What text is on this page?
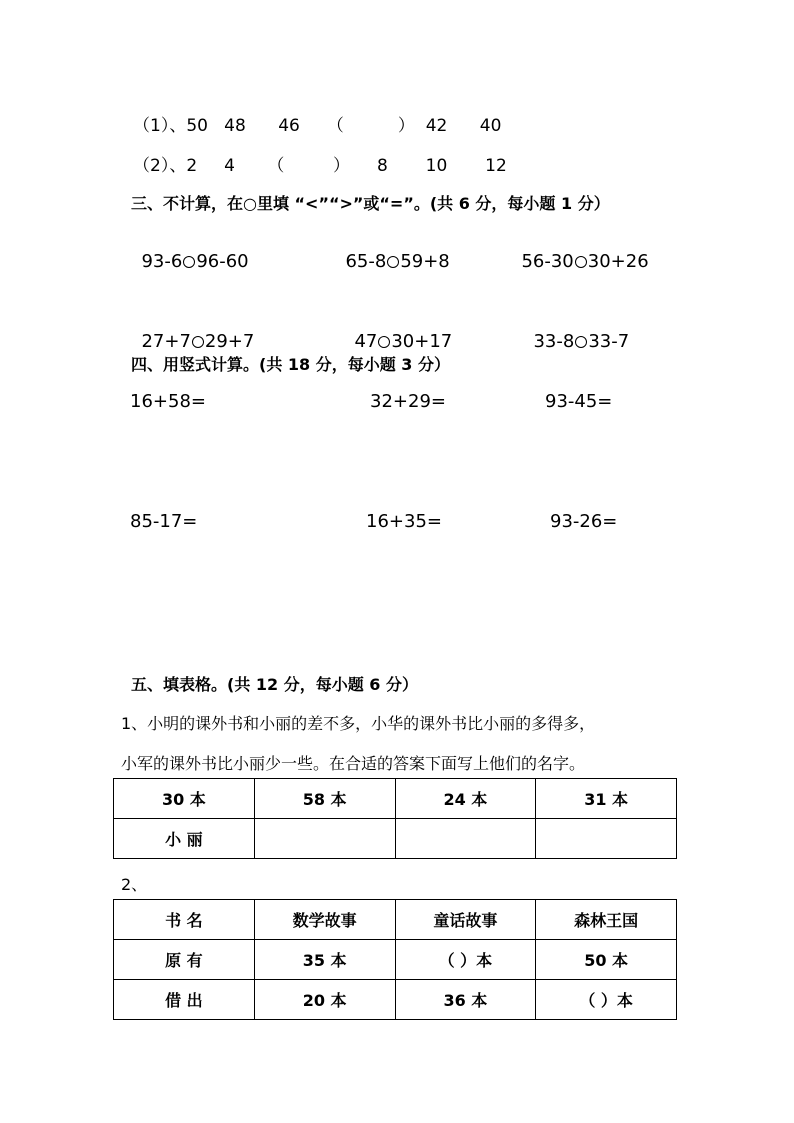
（1）、50   48      46     （          ）  42      40
（2）、2     4      （         ）     8       10       12
三、不计算，在○里填 “<”“>”或“=”。(共 6 分，每小题 1 分）

93-6 96-60	65-8 59+8	56-30 30+26

27+7 29+7	47 30+17	33-8 33-7

四、用竖式计算。(共 18 分，每小题 3 分）
16+58=	32+29=	93-45=
85-17=	16+35=	93-26=
五、填表格。(共 12 分，每小题 6 分）
1、小明的课外书和小丽的差不多，小华的课外书比小丽的多得多，
小军的课外书比小丽少一些。在合适的答案下面写上他们的名字。
30 本	58 本	24 本	31 本
小 丽			
2、
书 名	数学故事	童话故事	森林王国
原 有	35 本	（ ）本	50 本
借 出	20 本	36 本	（ ）本
